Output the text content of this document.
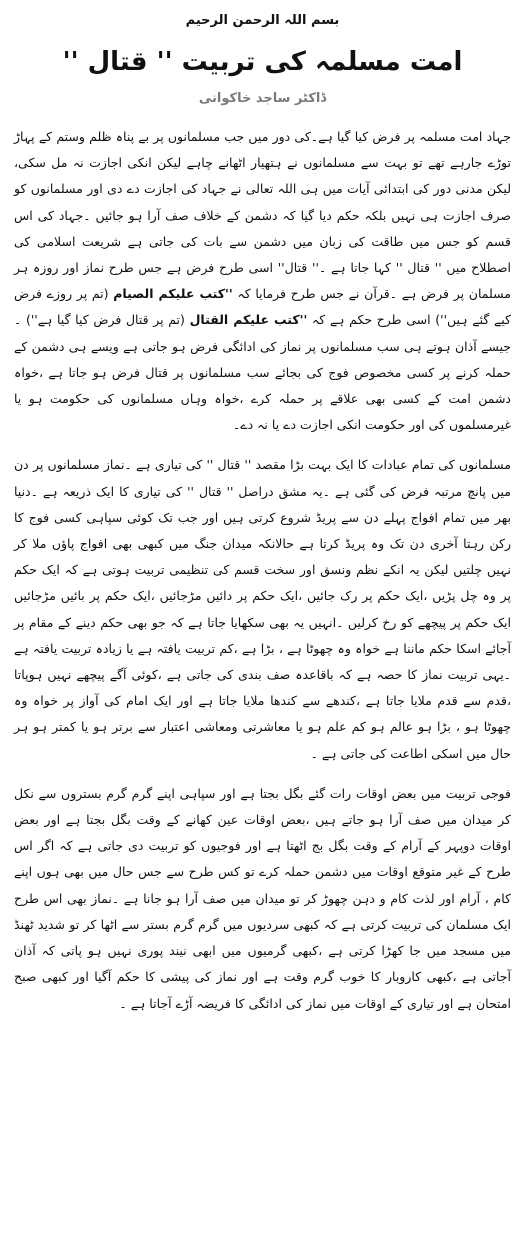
بسم اللہ الرحمن الرحیم
امت مسلمہ کی تربیت '' قتال ''
ڈاکٹر ساجد خاکوانی

جہاد امت مسلمہ پر فرض کیا گیا ہے۔کی دور میں جب مسلمانوں پر بے پناہ ظلم وستم کے پہاڑ توڑے جارہے تھے تو بہت سے مسلمانوں نے ہتھیار اٹھانے چاہے لیکن انکی اجازت نہ مل سکی، لیکن مدنی دور کی ابتدائی آیات میں ہی اللہ تعالی نے جہاد کی اجازت دے دی اور مسلمانوں کو صرف اجازت ہی نہیں بلکہ حکم دیا گیا کہ دشمن کے خلاف صف آرا ہو جائیں ۔جہاد کی اس قسم کو جس میں طاقت کی زبان میں دشمن سے بات کی جاتی ہے شریعت اسلامی کی اصطلاح میں '' قتال '' کہا جاتا ہے ۔'' قتال'' اسی طرح فرض ہے جس طرح نماز اور روزہ ہر مسلمان پر فرض ہے ۔قرآن نے جس طرح فرمایا کہ ''کتب علیکم الصیام (تم پر روزے فرض کیے گئے ہیں'') اسی طرح حکم ہے کہ ''کتب علیکم القتال (تم پر قتال فرض کیا گیا ہے'') ۔جیسے آذان ہوتے ہی سب مسلمانوں پر نماز کی ادائگی فرض ہو جاتی ہے ویسے ہی دشمن کے حملہ کرنے پر کسی مخصوص فوج کی بجائے سب مسلمانوں پر قتال فرض ہو جاتا ہے ،خواہ دشمن امت کے کسی بھی علاقے پر حملہ کرے ،خواہ وہاں مسلمانوں کی حکومت ہو یا غیرمسلموں کی اور حکومت انکی اجازت دے یا نہ دے۔

مسلمانوں کی تمام عبادات کا ایک بہت بڑا مقصد '' قتال '' کی تیاری ہے ۔نماز مسلمانوں پر دن میں پانچ مرتبہ فرض کی گئی ہے ۔یہ مشق دراصل '' قتال '' کی تیاری کا ایک ذریعہ ہے ۔دنیا بھر میں تمام افواج پہلے دن سے پریڈ شروع کرتی ہیں اور جب تک کوئی سپاہی کسی فوج کا رکن رہتا آخری دن تک وہ پریڈ کرتا ہے حالانکہ میدان جنگ میں کبھی بھی افواج پاؤں ملا کر نہیں چلتیں لیکن یہ انکے نظم ونسق اور سخت قسم کی تنظیمی تربیت ہوتی ہے کہ ایک حکم پر وہ چل پڑیں ،ایک حکم پر رک جائیں ،ایک حکم پر دائیں مڑجائیں ،ایک حکم پر بائیں مڑجائیں ایک حکم پر پیچھے کو رخ کرلیں ۔انہیں یہ بھی سکھایا جاتا ہے کہ جو بھی حکم دینے کے مقام پر آجائے اسکا حکم ماننا ہے خواہ وہ چھوٹا ہے ، بڑا ہے ،کم تربیت یافتہ ہے یا زیادہ تربیت یافتہ ہے ۔یہی تربیت نماز کا حصہ ہے کہ باقاعدہ صف بندی کی جاتی ہے ،کوئی آگے پیچھے نہیں ہوپاتا ،قدم سے قدم ملایا جاتا ہے ،کندھے سے کندھا ملایا جاتا ہے اور ایک امام کی آواز پر خواہ وہ چھوٹا ہو ، بڑا ہو عالم ہو کم علم ہو یا معاشرتی ومعاشی اعتبار سے برتر ہو یا کمتر ہو ہر حال میں اسکی اطاعت کی جاتی ہے ۔

فوجی تربیت میں بعض اوقات رات گئے بگل بجتا ہے اور سپاہی اپنے گرم گرم بستروں سے نکل کر میدان میں صف آرا ہو جاتے ہیں ،بعض اوقات عین کھانے کے وقت بگل بجتا ہے اور بعض اوقات دوپہر کے آرام کے وقت بگل بج اٹھتا ہے اور فوجیوں کو تربیت دی جاتی ہے کہ اگر اس طرح کے غیر متوقع اوقات میں دشمن حملہ کرے تو کس طرح سے جس حال میں بھی ہوں اپنے کام ، آرام اور لذت کام و دہن چھوڑ کر تو میدان میں صف آرا ہو جانا ہے ۔نماز بھی اس طرح ایک مسلمان کی تربیت کرتی ہے کہ کبھی سردیوں میں گرم گرم بستر سے اٹھا کر تو شدید ٹھنڈ میں مسجد میں جا کھڑا کرتی ہے ،کبھی گرمیوں میں ابھی نیند پوری نہیں ہو پاتی کہ آذان آجاتی ہے ،کبھی کاروبار کا خوب گرم وقت ہے اور نماز کی پیشی کا حکم آگیا اور کبھی صبح امتحان ہے اور تیاری کے اوقات میں نماز کی ادائگی کا فریضہ آڑے آجاتا ہے ۔
